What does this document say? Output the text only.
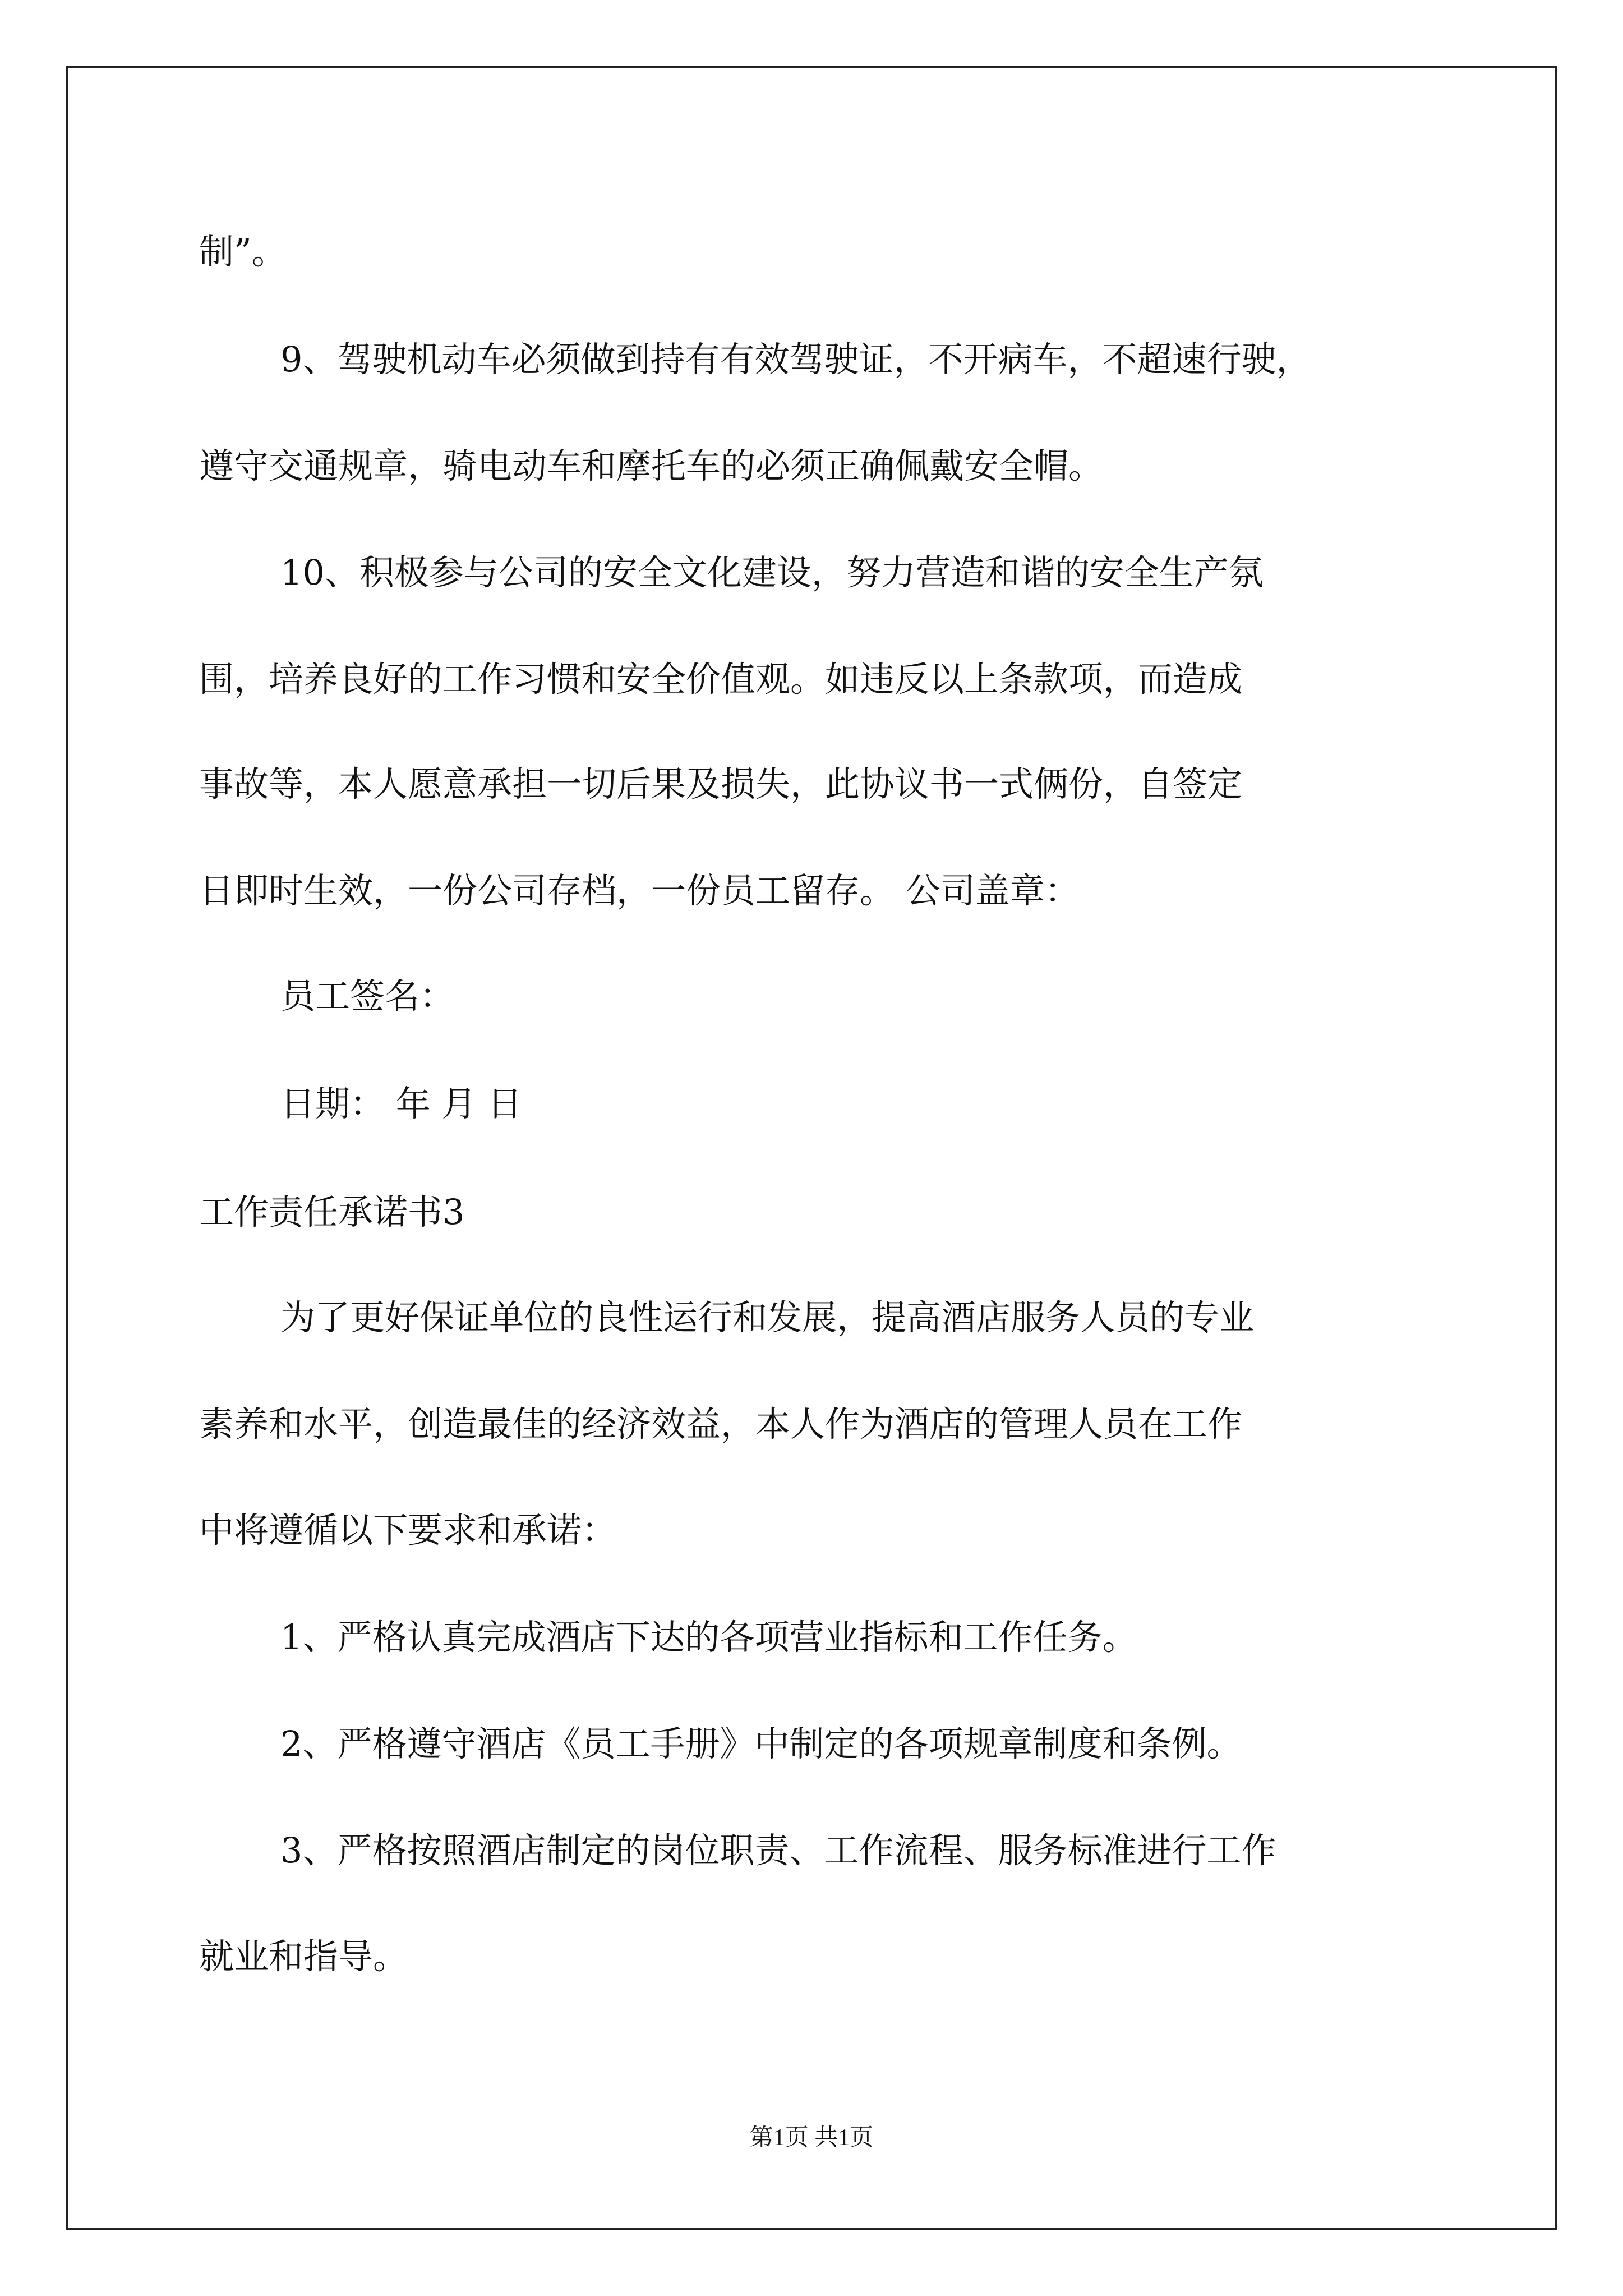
制”。
9、驾驶机动车必须做到持有有效驾驶证，不开病车，不超速行驶，
遵守交通规章，骑电动车和摩托车的必须正确佩戴安全帽。
10、积极参与公司的安全文化建设，努力营造和谐的安全生产氛
围，培养良好的工作习惯和安全价值观。如违反以上条款项，而造成
事故等，本人愿意承担一切后果及损失，此协议书一式俩份，自签定
日即时生效，一份公司存档，一份员工留存。 公司盖章：
员工签名：
日期： 年 月 日
工作责任承诺书3
为了更好保证单位的良性运行和发展，提高酒店服务人员的专业
素养和水平，创造最佳的经济效益，本人作为酒店的管理人员在工作
中将遵循以下要求和承诺：
1、严格认真完成酒店下达的各项营业指标和工作任务。
2、严格遵守酒店《员工手册》中制定的各项规章制度和条例。
3、严格按照酒店制定的岗位职责、工作流程、服务标准进行工作
就业和指导。
第1页 共1页
